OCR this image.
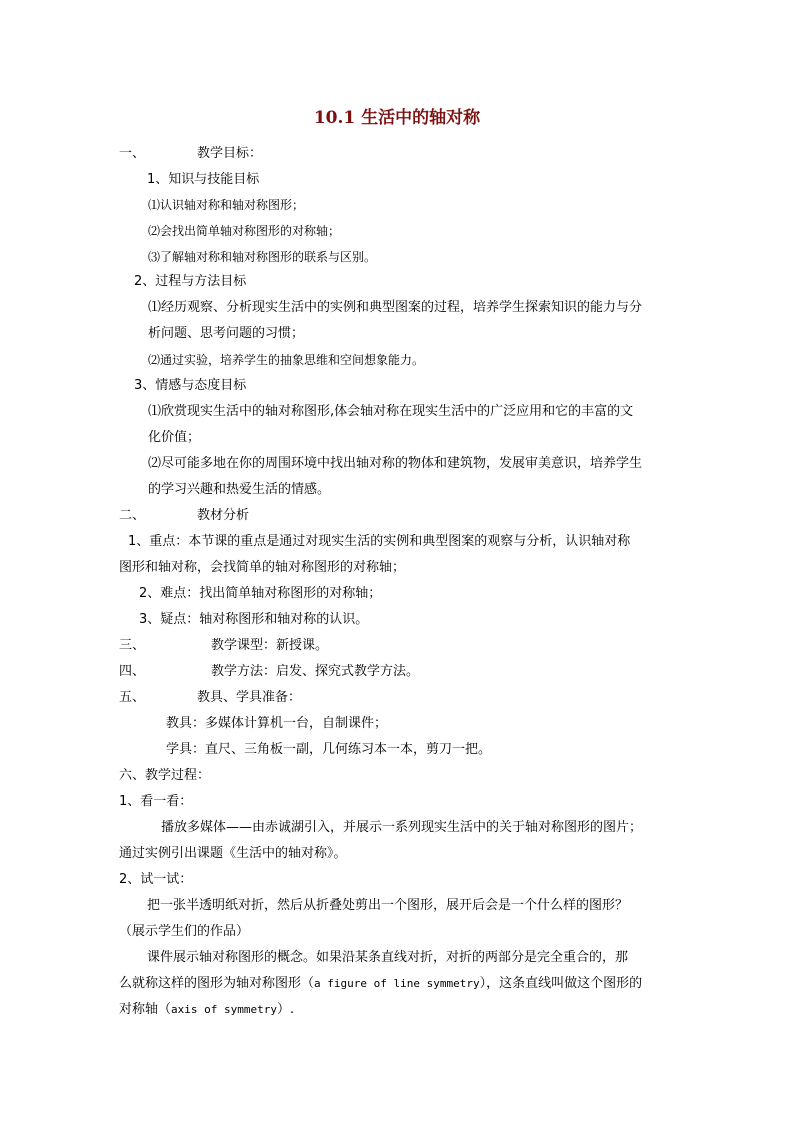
10.1 生活中的轴对称
一、	教学目标：
1、知识与技能目标
⑴认识轴对称和轴对称图形；
⑵会找出简单轴对称图形的对称轴；
⑶了解轴对称和轴对称图形的联系与区别。
2、过程与方法目标
⑴经历观察、分析现实生活中的实例和典型图案的过程，培养学生探索知识的能力与分
析问题、思考问题的习惯；
⑵通过实验，培养学生的抽象思维和空间想象能力。
3、情感与态度目标
⑴欣赏现实生活中的轴对称图形,体会轴对称在现实生活中的广泛应用和它的丰富的文
化价值；
⑵尽可能多地在你的周围环境中找出轴对称的物体和建筑物，发展审美意识，培养学生
的学习兴趣和热爱生活的情感。
二、	教材分析
1、重点：本节课的重点是通过对现实生活的实例和典型图案的观察与分析，认识轴对称
图形和轴对称，会找简单的轴对称图形的对称轴；
2、难点：找出简单轴对称图形的对称轴；
3、疑点：轴对称图形和轴对称的认识。
三、	教学课型：新授课。
四、	教学方法：启发、探究式教学方法。
五、	教具、学具准备：
教具：多媒体计算机一台，自制课件；
学具：直尺、三角板一副，几何练习本一本，剪刀一把。
六、教学过程：
1、看一看：
播放多媒体——由赤诚湖引入，并展示一系列现实生活中的关于轴对称图形的图片；
通过实例引出课题《生活中的轴对称》。
2、试一试：
把一张半透明纸对折，然后从折叠处剪出一个图形，展开后会是一个什么样的图形？
（展示学生们的作品）
课件展示轴对称图形的概念。如果沿某条直线对折，对折的两部分是完全重合的，那
么就称这样的图形为轴对称图形（a figure of line symmetry），这条直线叫做这个图形的
对称轴（axis of symmetry）.
